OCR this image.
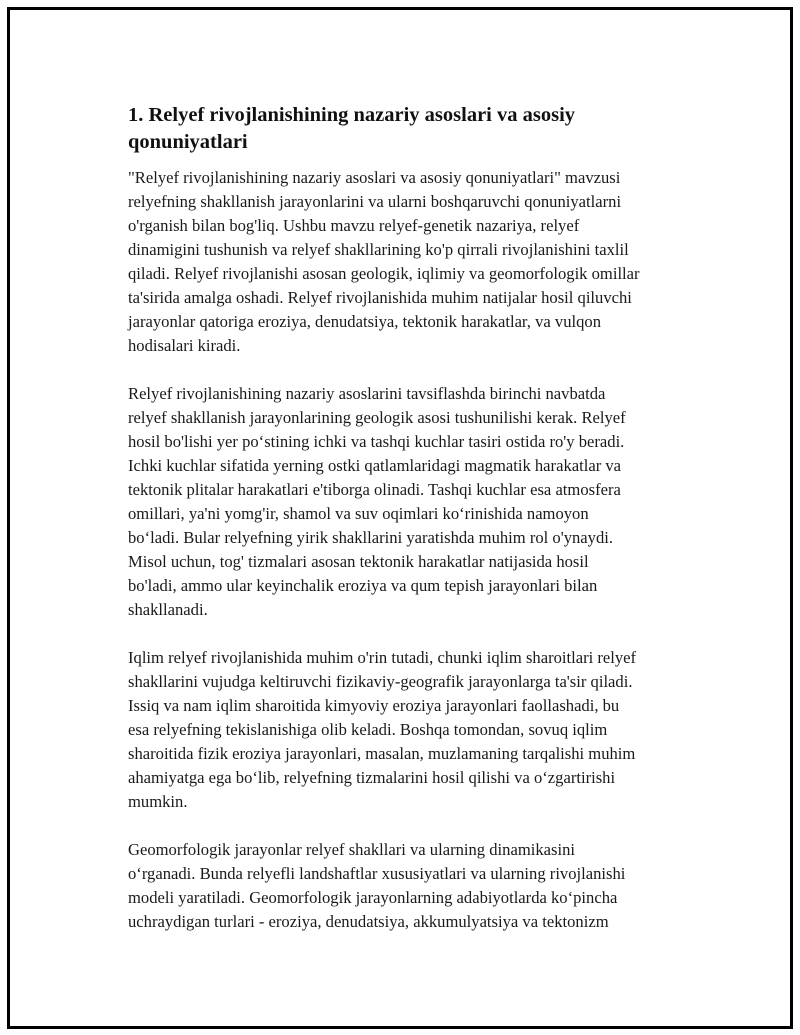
1. Relyef rivojlanishining nazariy asoslari va asosiy
qonuniyatlari

"Relyef rivojlanishining nazariy asoslari va asosiy qonuniyatlari" mavzusi
relyefning shakllanish jarayonlarini va ularni boshqaruvchi qonuniyatlarni
o'rganish bilan bog'liq. Ushbu mavzu relyef-genetik nazariya, relyef
dinamigini tushunish va relyef shakllarining ko'p qirrali rivojlanishini taxlil
qiladi. Relyef rivojlanishi asosan geologik, iqlimiy va geomorfologik omillar
ta'sirida amalga oshadi. Relyef rivojlanishida muhim natijalar hosil qiluvchi
jarayonlar qatoriga eroziya, denudatsiya, tektonik harakatlar, va vulqon
hodisalari kiradi.

Relyef rivojlanishining nazariy asoslarini tavsiflashda birinchi navbatda
relyef shakllanish jarayonlarining geologik asosi tushunilishi kerak. Relyef
hosil bo'lishi yer po‘stining ichki va tashqi kuchlar tasiri ostida ro'y beradi.
Ichki kuchlar sifatida yerning ostki qatlamlaridagi magmatik harakatlar va
tektonik plitalar harakatlari e'tiborga olinadi. Tashqi kuchlar esa atmosfera
omillari, ya'ni yomg'ir, shamol va suv oqimlari ko‘rinishida namoyon
bo‘ladi. Bular relyefning yirik shakllarini yaratishda muhim rol o'ynaydi.
Misol uchun, tog' tizmalari asosan tektonik harakatlar natijasida hosil
bo'ladi, ammo ular keyinchalik eroziya va qum tepish jarayonlari bilan
shakllanadi.

Iqlim relyef rivojlanishida muhim o'rin tutadi, chunki iqlim sharoitlari relyef
shakllarini vujudga keltiruvchi fizikaviy-geografik jarayonlarga ta'sir qiladi.
Issiq va nam iqlim sharoitida kimyoviy eroziya jarayonlari faollashadi, bu
esa relyefning tekislanishiga olib keladi. Boshqa tomondan, sovuq iqlim
sharoitida fizik eroziya jarayonlari, masalan, muzlamaning tarqalishi muhim
ahamiyatga ega bo‘lib, relyefning tizmalarini hosil qilishi va o‘zgartirishi
mumkin.

Geomorfologik jarayonlar relyef shakllari va ularning dinamikasini
o‘rganadi. Bunda relyefli landshaftlar xususiyatlari va ularning rivojlanishi
modeli yaratiladi. Geomorfologik jarayonlarning adabiyotlarda ko‘pincha
uchraydigan turlari - eroziya, denudatsiya, akkumulyatsiya va tektonizm
